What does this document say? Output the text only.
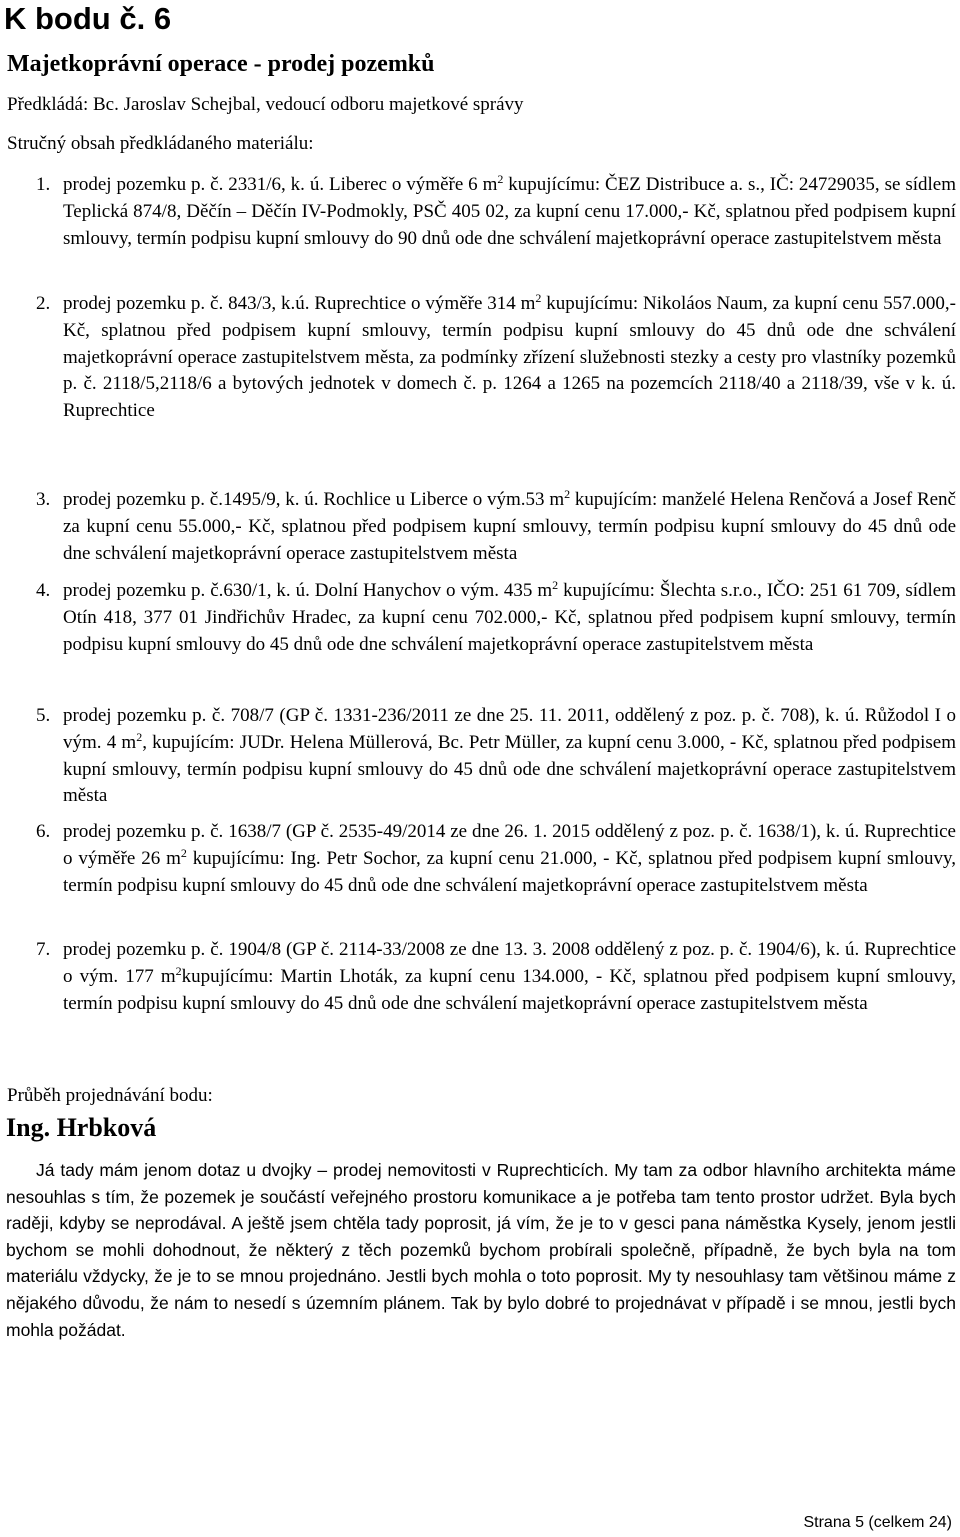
K bodu č. 6
Majetkoprávní operace - prodej pozemků
Předkládá: Bc. Jaroslav Schejbal, vedoucí odboru majetkové správy
Stručný obsah předkládaného materiálu:
1. prodej pozemku p. č. 2331/6, k. ú. Liberec o výměře 6 $m^2$ kupujícímu: ČEZ Distribuce a. s., IČ: 24729035, se sídlem Teplická 874/8, Děčín – Děčín IV-Podmokly, PSČ 405 02, za kupní cenu 17.000,- Kč, splatnou před podpisem kupní smlouvy, termín podpisu kupní smlouvy do 90 dnů ode dne schválení majetkoprávní operace zastupitelstvem města
2. prodej pozemku p. č. 843/3, k.ú. Ruprechtice o výměře 314 $m^2$ kupujícímu: Nikoláos Naum, za kupní cenu 557.000,- Kč, splatnou před podpisem kupní smlouvy, termín podpisu kupní smlouvy do 45 dnů ode dne schválení majetkoprávní operace zastupitelstvem města, za podmínky zřízení služebnosti stezky a cesty pro vlastníky pozemků p. č. 2118/5,2118/6 a bytových jednotek v domech č. p. 1264 a 1265 na pozemcích 2118/40 a 2118/39, vše v k. ú. Ruprechtice
3. prodej pozemku p. č.1495/9, k. ú. Rochlice u Liberce o vým.53 $m^2$ kupujícím: manželé Helena Renčová a Josef Renč za kupní cenu 55.000,- Kč, splatnou před podpisem kupní smlouvy, termín podpisu kupní smlouvy do 45 dnů ode dne schválení majetkoprávní operace zastupitelstvem města
4. prodej pozemku p. č.630/1, k. ú. Dolní Hanychov o vým. 435 $m^2$ kupujícímu: Šlechta s.r.o., IČO: 251 61 709, sídlem Otín 418, 377 01 Jindřichův Hradec, za kupní cenu 702.000,- Kč, splatnou před podpisem kupní smlouvy, termín podpisu kupní smlouvy do 45 dnů ode dne schválení majetkoprávní operace zastupitelstvem města
5. prodej pozemku p. č. 708/7 (GP č. 1331-236/2011 ze dne 25. 11. 2011, oddělený z poz. p. č. 708), k. ú. Růžodol I o vým. 4 $m^2$, kupujícím: JUDr. Helena Müllerová, Bc. Petr Müller, za kupní cenu 3.000, - Kč, splatnou před podpisem kupní smlouvy, termín podpisu kupní smlouvy do 45 dnů ode dne schválení majetkoprávní operace zastupitelstvem města
6. prodej pozemku p. č. 1638/7 (GP č. 2535-49/2014 ze dne 26. 1. 2015 oddělený z poz. p. č. 1638/1), k. ú. Ruprechtice o výměře 26 $m^2$ kupujícímu: Ing. Petr Sochor, za kupní cenu 21.000, - Kč, splatnou před podpisem kupní smlouvy, termín podpisu kupní smlouvy do 45 dnů ode dne schválení majetkoprávní operace zastupitelstvem města
7. prodej pozemku p. č. 1904/8 (GP č. 2114-33/2008 ze dne 13. 3. 2008 oddělený z poz. p. č. 1904/6), k. ú. Ruprechtice o vým. 177 $m^2kupujícímu$: Martin Lhoták, za kupní cenu 134.000, - Kč, splatnou před podpisem kupní smlouvy, termín podpisu kupní smlouvy do 45 dnů ode dne schválení majetkoprávní operace zastupitelstvem města
Průběh projednávání bodu:
Ing. Hrbková
Já tady mám jenom dotaz u dvojky – prodej nemovitosti v Ruprechticích. My tam za odbor hlavního architekta máme nesouhlas s tím, že pozemek je součástí veřejného prostoru komunikace a je potřeba tam tento prostor udržet. Byla bych raději, kdyby se neprodával. A ještě jsem chtěla tady poprosit, já vím, že je to v gesci pana náměstka Kysely, jenom jestli bychom se mohli dohodnout, že některý z těch pozemků bychom probírali společně, případně, že bych byla na tom materiálu vždycky, že je to se mnou projednáno. Jestli bych mohla o toto poprosit. My ty nesouhlasy tam většinou máme z nějakého důvodu, že nám to nesedí s územním plánem. Tak by bylo dobré to projednávat v případě i se mnou, jestli bych mohla požádat.
Strana 5 (celkem 24)
